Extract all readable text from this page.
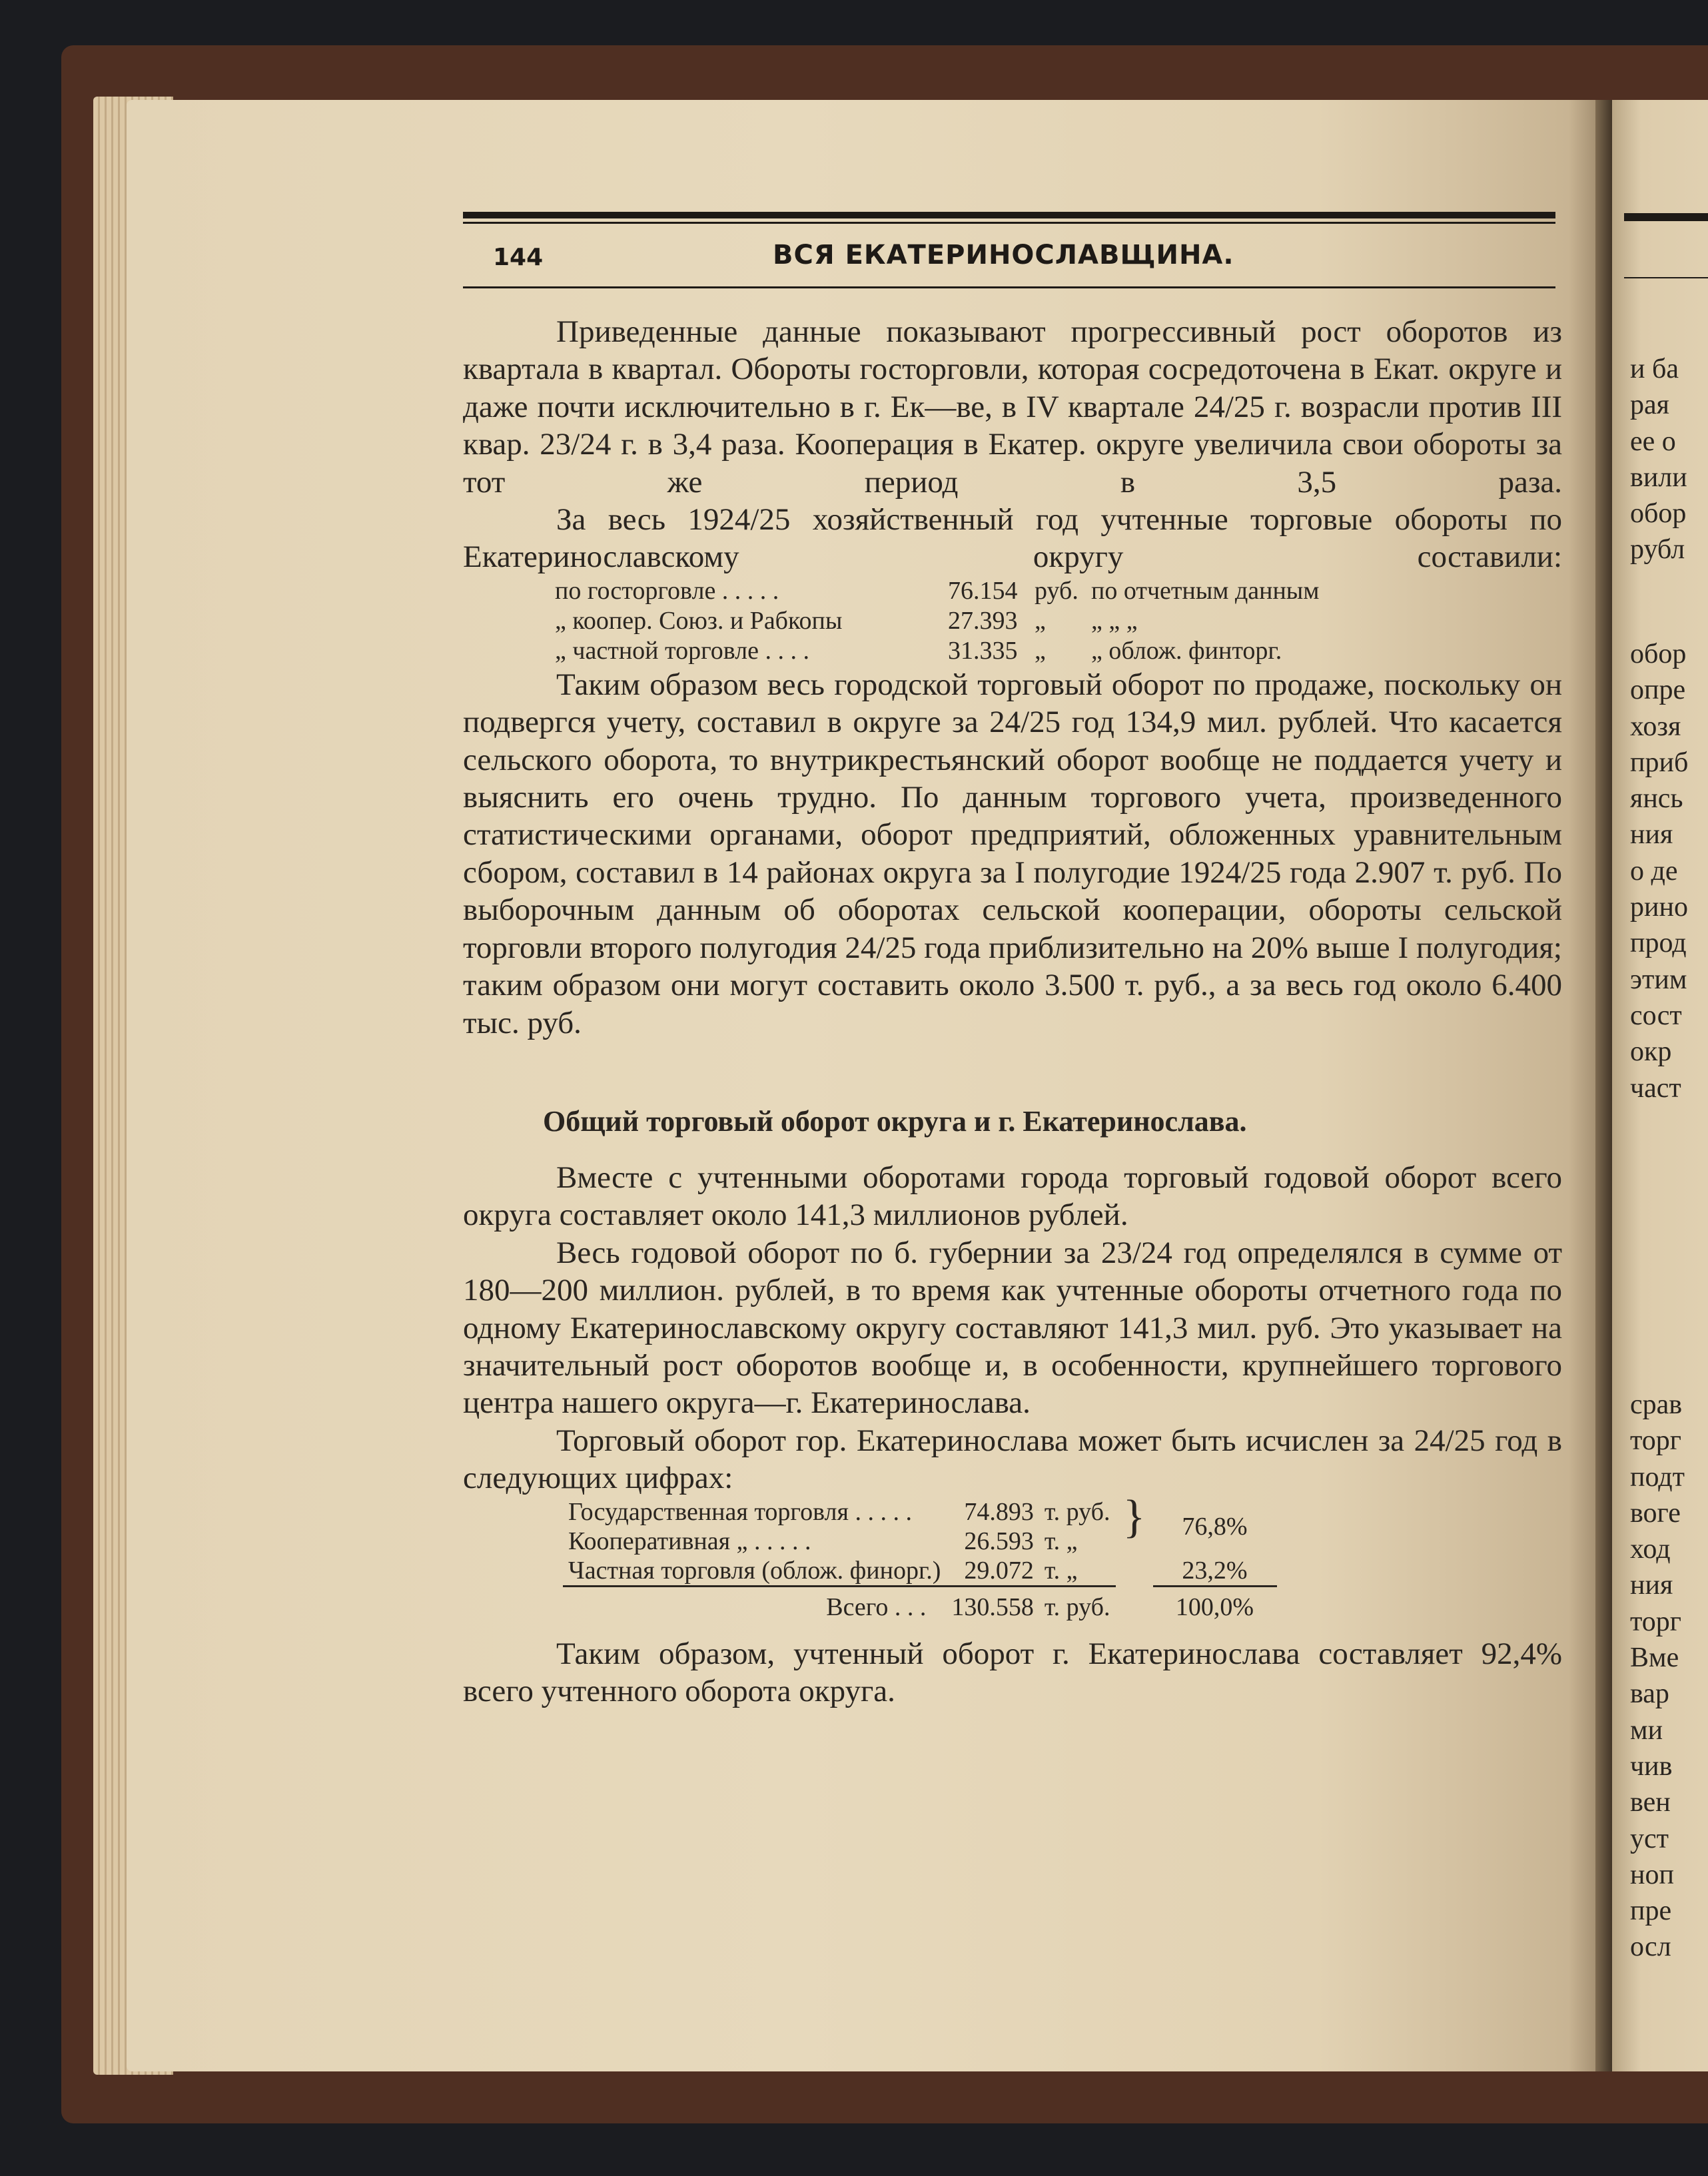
144	ВСЯ ЕКАТЕРИНОСЛАВЩИНА.

Приведенные данные показывают прогрессивный рост оборотов из квартала в квартал. Обороты госторговли, которая сосредоточена в Екат. округе и даже почти исключительно в г. Ек—ве, в IV квартале 24/25 г. возрасли против III квар. 23/24 г. в 3,4 раза. Кооперация в Екатер. округе увеличила свои обороты за тот же период в 3,5 раза.

За весь 1924/25 хозяйственный год учтенные торговые обороты по Екатеринославскому округу составили:

по госторговле . . . . .	76.154 руб. по отчетным данным
„ коопер. Союз. и Рабкопы	27.393 „	„ „ „
„ частной торговле . . . .	31.335 „	„ облож. финторг.

Таким образом весь городской торговый оборот по продаже, поскольку он подвергся учету, составил в округе за 24/25 год 134,9 мил. рублей. Что касается сельского оборота, то внутрикрестьянский оборот вообще не поддается учету и выяснить его очень трудно. По данным торгового учета, произведенного статистическими органами, оборот предприятий, обложенных уравнительным сбором, составил в 14 районах округа за I полугодие 1924/25 года 2.907 т. руб. По выборочным данным об оборотах сельской кооперации, обороты сельской торговли второго полугодия 24/25 года приблизительно на 20% выше I полугодия; таким образом они могут составить около 3.500 т. руб., а за весь год около 6.400 тыс. руб.

Общий торговый оборот округа и г. Екатеринослава.

Вместе с учтенными оборотами города торговый годовой оборот всего округа составляет около 141,3 миллионов рублей.

Весь годовой оборот по б. губернии за 23/24 год определялся в сумме от 180—200 миллион. рублей, в то время как учтенные обороты отчетного года по одному Екатеринославскому округу составляют 141,3 мил. руб. Это указывает на значительный рост оборотов вообще и, в особенности, крупнейшего торгового центра нашего округа—г. Екатеринослава.

Торговый оборот гор. Екатеринослава может быть исчислен за 24/25 год в следующих цифрах:

Государственная торговля . . . . .	74.893	т. руб.	}	76,8%
Кооперативная „ . . . . .	26.593	т. „		
Частная торговля (облож. финорг.)	29.072	т. „		23,2%
Всего . . .	130.558	т. руб.		100,0%

Таким образом, учтенный оборот г. Екатеринослава составляет 92,4% всего учтенного оборота округа.

и ба
рая
ее о
вили
обор
рубл
обор
опре
хозя
приб
янсь
ния
о де
рино
прод
этим
сост
окр
част
срав
торг
подт
воге
ход
ния
торг
Вме
вар
ми
чив
вен
уст
ноп
пре
осл
